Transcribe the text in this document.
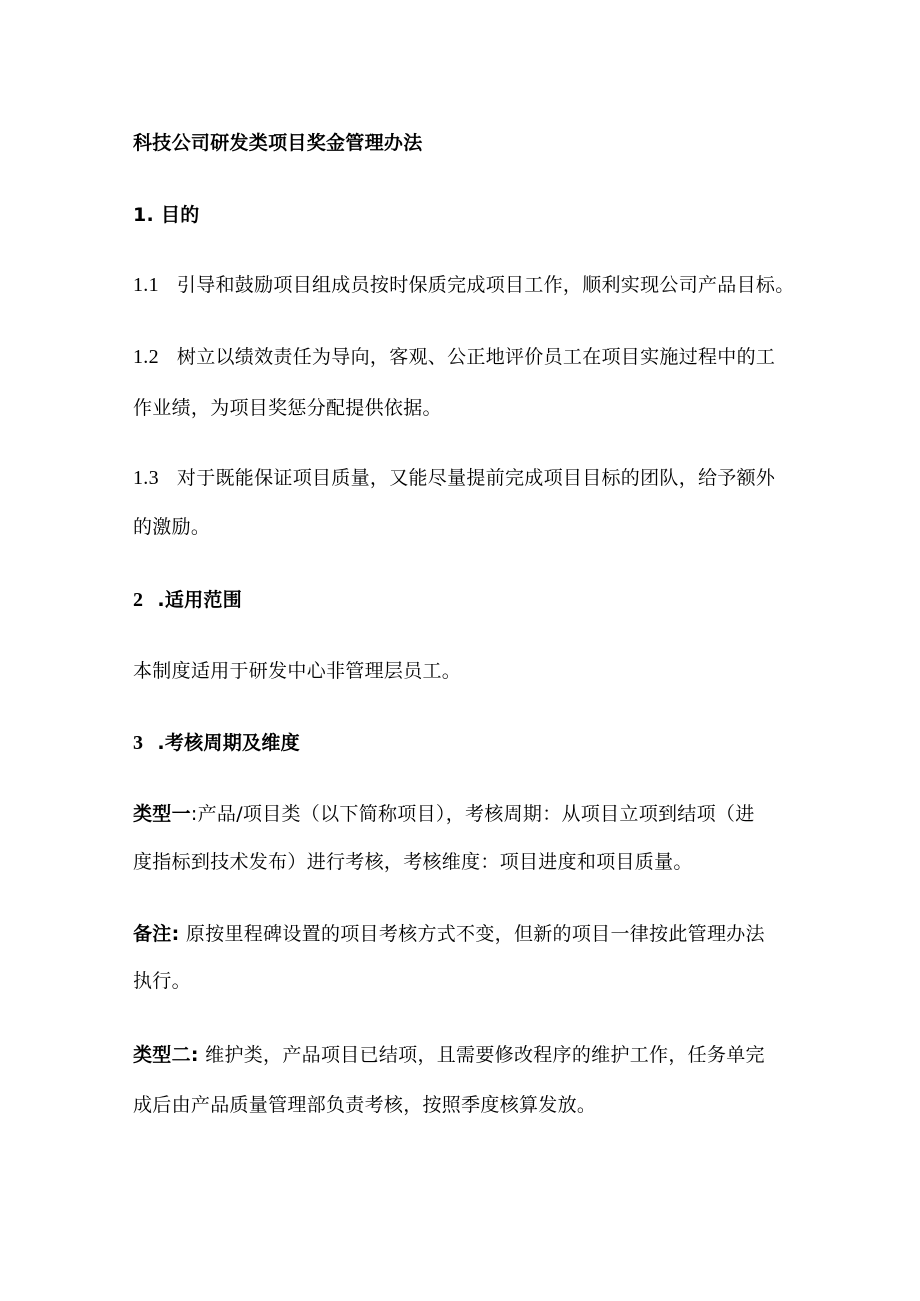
科技公司研发类项目奖金管理办法
1. 目的
1.1 引导和鼓励项目组成员按时保质完成项目工作，顺利实现公司产品目标。
1.2 树立以绩效责任为导向，客观、公正地评价员工在项目实施过程中的工
作业绩，为项目奖惩分配提供依据。
1.3 对于既能保证项目质量，又能尽量提前完成项目目标的团队，给予额外
的激励。
2 .适用范围
本制度适用于研发中心非管理层员工。
3 .考核周期及维度
类型一:产品/项目类（以下简称项目），考核周期：从项目立项到结项（进
度指标到技术发布）进行考核，考核维度：项目进度和项目质量。
备注: 原按里程碑设置的项目考核方式不变，但新的项目一律按此管理办法
执行。
类型二: 维护类，产品项目已结项，且需要修改程序的维护工作，任务单完
成后由产品质量管理部负责考核，按照季度核算发放。
